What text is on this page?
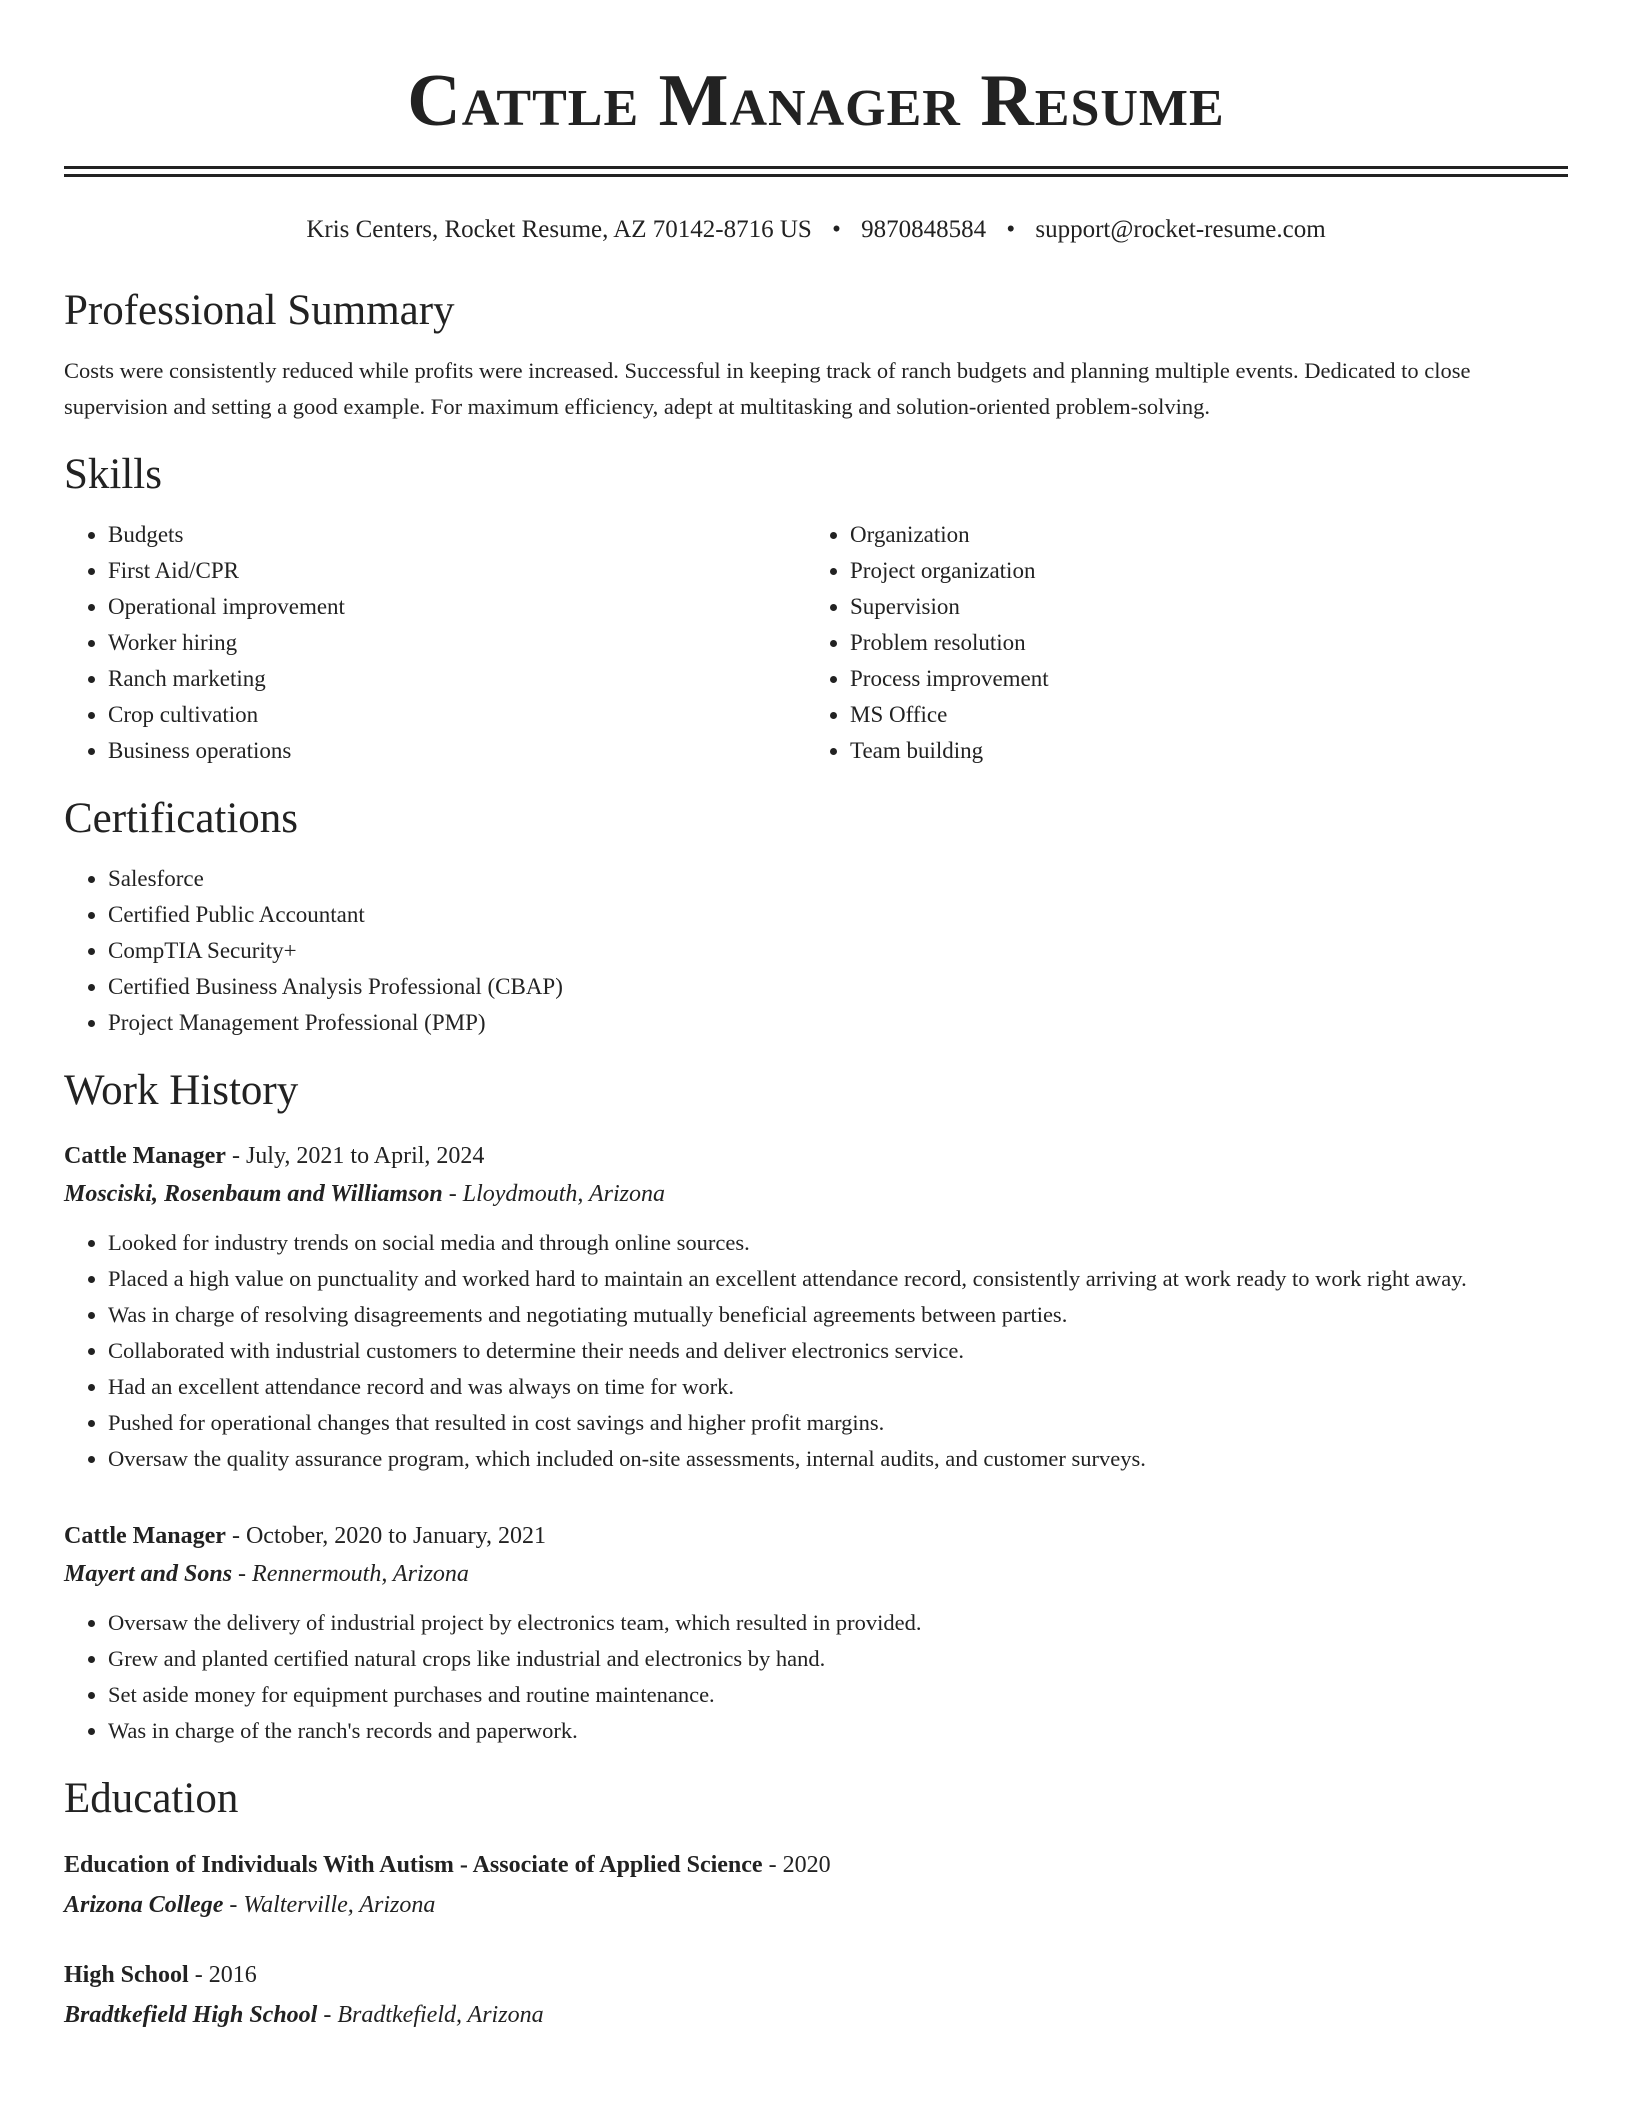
Cattle Manager Resume
Kris Centers, Rocket Resume, AZ 70142-8716 US • 9870848584 • support@rocket-resume.com
Professional Summary

Costs were consistently reduced while profits were increased. Successful in keeping track of ranch budgets and planning multiple events. Dedicated to close supervision and setting a good example. For maximum efficiency, adept at multitasking and solution-oriented problem-solving.

Skills
• Budgets
• First Aid/CPR
• Operational improvement
• Worker hiring
• Ranch marketing
• Crop cultivation
• Business operations
• Organization
• Project organization
• Supervision
• Problem resolution
• Process improvement
• MS Office
• Team building
Certifications
• Salesforce
• Certified Public Accountant
• CompTIA Security+
• Certified Business Analysis Professional (CBAP)
• Project Management Professional (PMP)
Work History
Cattle Manager - July, 2021 to April, 2024
Mosciski, Rosenbaum and Williamson - Lloydmouth, Arizona
• Looked for industry trends on social media and through online sources.
• Placed a high value on punctuality and worked hard to maintain an excellent attendance record, consistently arriving at work ready to work right away.
• Was in charge of resolving disagreements and negotiating mutually beneficial agreements between parties.
• Collaborated with industrial customers to determine their needs and deliver electronics service.
• Had an excellent attendance record and was always on time for work.
• Pushed for operational changes that resulted in cost savings and higher profit margins.
• Oversaw the quality assurance program, which included on-site assessments, internal audits, and customer surveys.
Cattle Manager - October, 2020 to January, 2021
Mayert and Sons - Rennermouth, Arizona
• Oversaw the delivery of industrial project by electronics team, which resulted in provided.
• Grew and planted certified natural crops like industrial and electronics by hand.
• Set aside money for equipment purchases and routine maintenance.
• Was in charge of the ranch's records and paperwork.
Education
Education of Individuals With Autism - Associate of Applied Science - 2020
Arizona College - Walterville, Arizona
High School - 2016
Bradtkefield High School - Bradtkefield, Arizona
